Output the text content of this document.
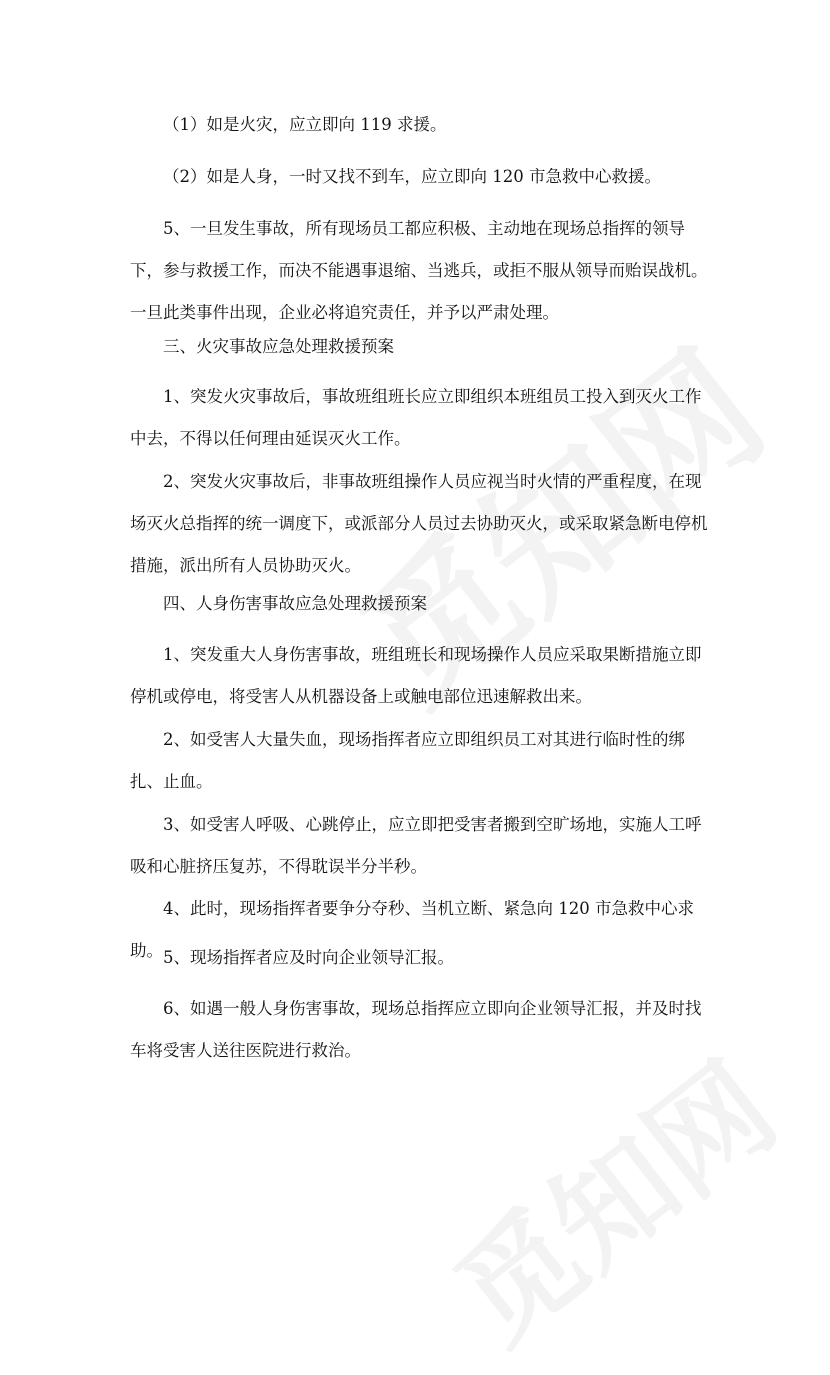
（1）如是火灾，应立即向 119 求援。

（2）如是人身，一时又找不到车，应立即向 120 市急救中心救援。

5、一旦发生事故，所有现场员工都应积极、主动地在现场总指挥的领导下，参与救援工作，而决不能遇事退缩、当逃兵，或拒不服从领导而贻误战机。一旦此类事件出现，企业必将追究责任，并予以严肃处理。

三、火灾事故应急处理救援预案

1、突发火灾事故后，事故班组班长应立即组织本班组员工投入到灭火工作中去，不得以任何理由延误灭火工作。

2、突发火灾事故后，非事故班组操作人员应视当时火情的严重程度，在现场灭火总指挥的统一调度下，或派部分人员过去协助灭火，或采取紧急断电停机措施，派出所有人员协助灭火。

四、人身伤害事故应急处理救援预案

1、突发重大人身伤害事故，班组班长和现场操作人员应采取果断措施立即停机或停电，将受害人从机器设备上或触电部位迅速解救出来。

2、如受害人大量失血，现场指挥者应立即组织员工对其进行临时性的绑扎、止血。

3、如受害人呼吸、心跳停止，应立即把受害者搬到空旷场地，实施人工呼吸和心脏挤压复苏，不得耽误半分半秒。

4、此时，现场指挥者要争分夺秒、当机立断、紧急向 120 市急救中心求助。 5、现场指挥者应及时向企业领导汇报。

6、如遇一般人身伤害事故，现场总指挥应立即向企业领导汇报，并及时找车将受害人送往医院进行救治。
